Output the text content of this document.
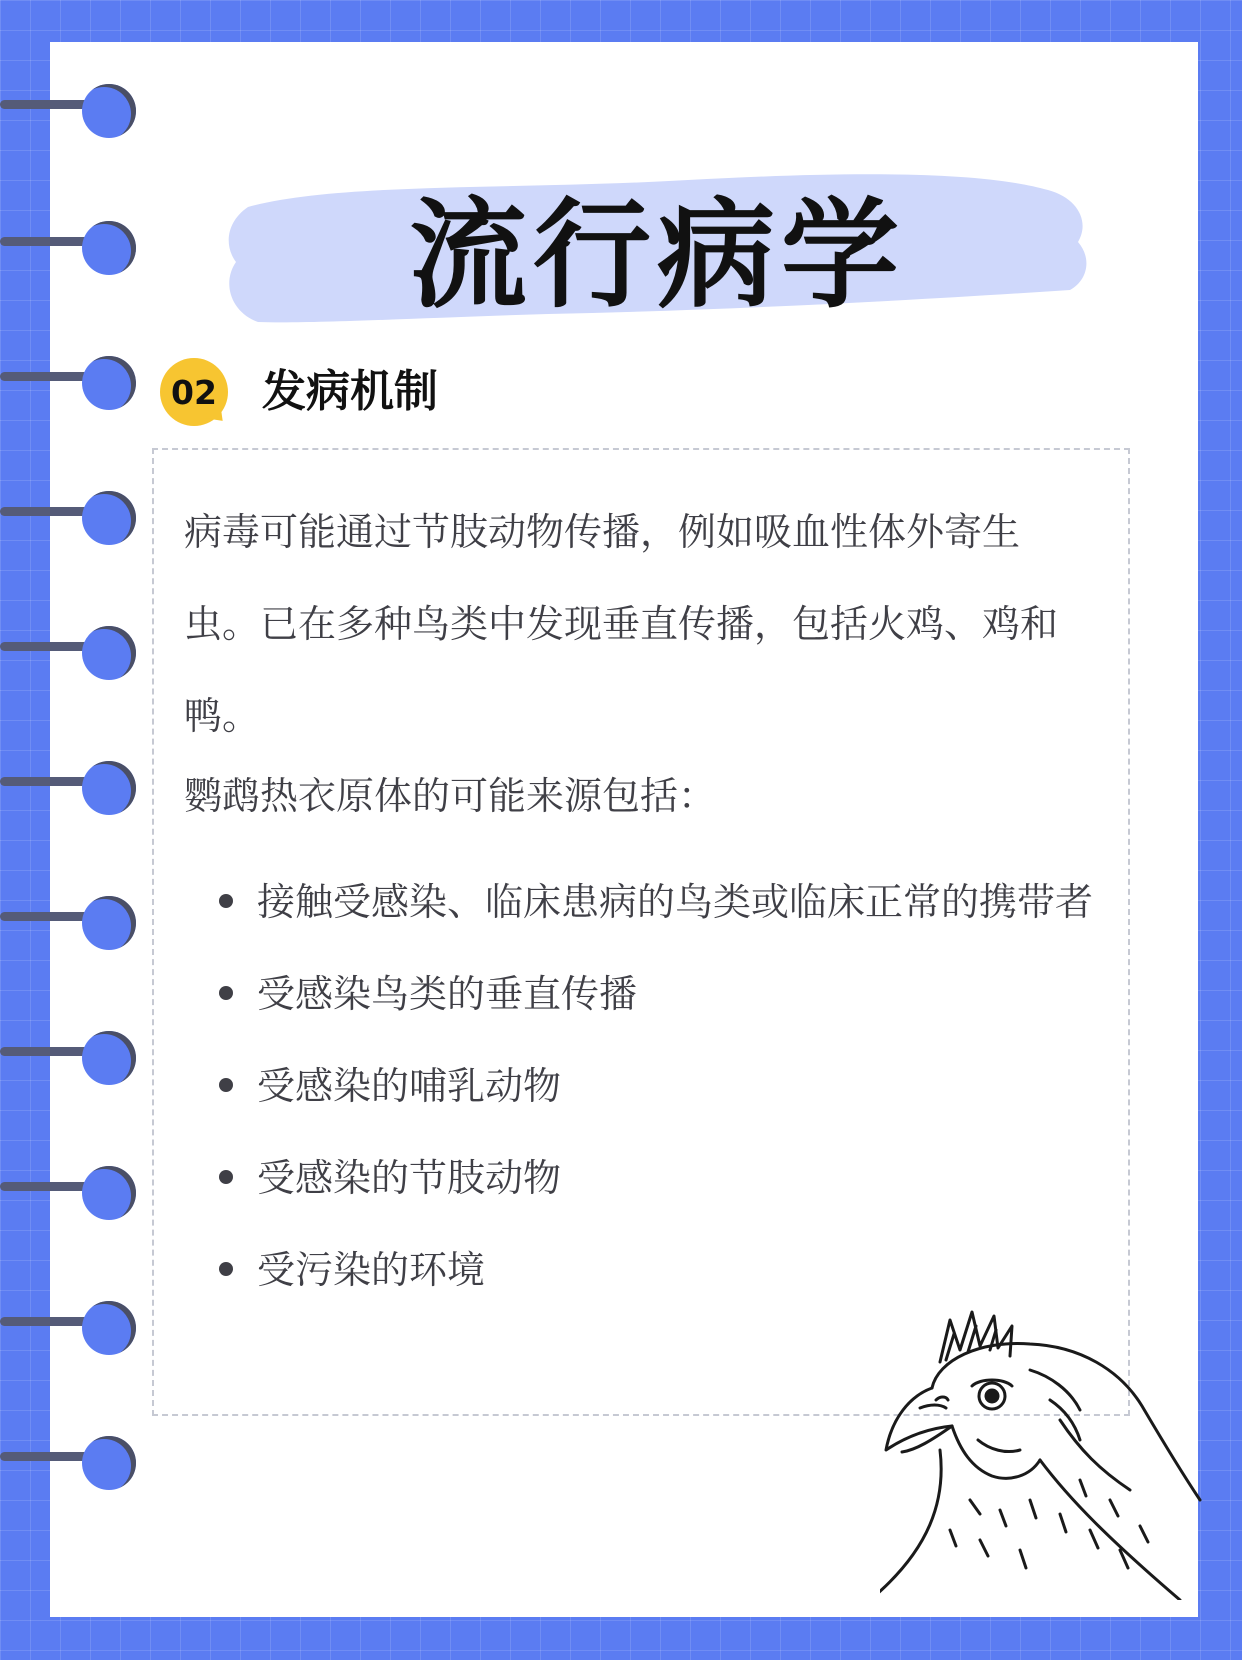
流行病学
02 发病机制
病毒可能通过节肢动物传播，例如吸血性体外寄生虫。已在多种鸟类中发现垂直传播，包括火鸡、鸡和鸭。
鹦鹉热衣原体的可能来源包括：
接触受感染、临床患病的鸟类或临床正常的携带者
受感染鸟类的垂直传播
受感染的哺乳动物
受感染的节肢动物
受污染的环境
